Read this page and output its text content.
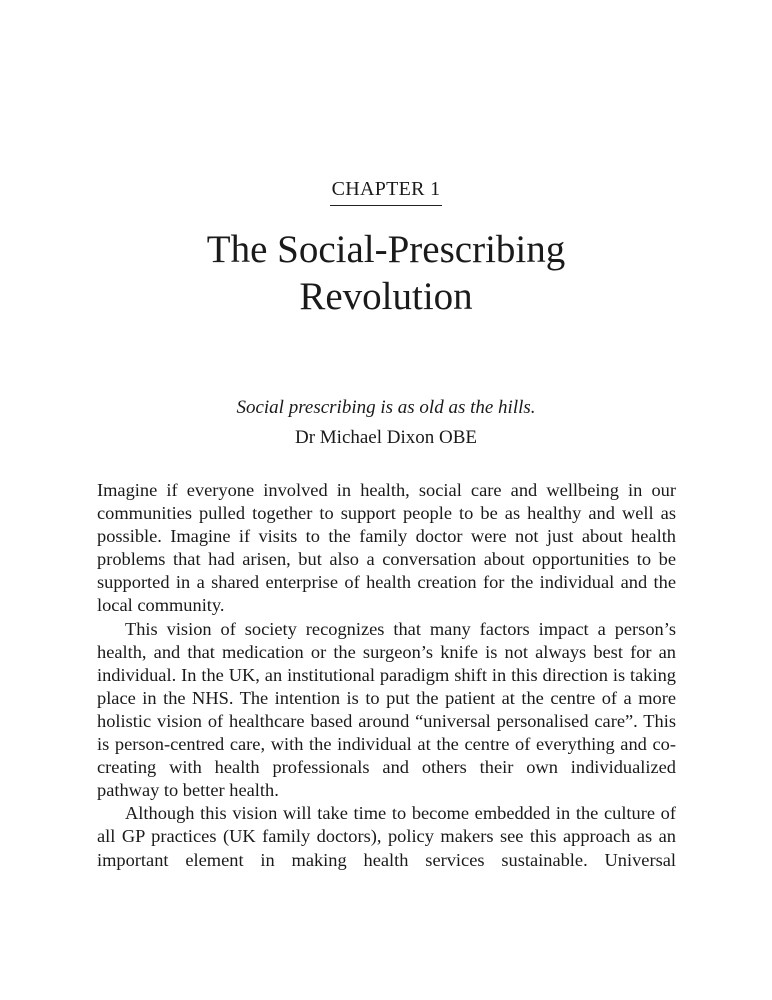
CHAPTER 1
The Social-Prescribing
Revolution
Social prescribing is as old as the hills.
Dr Michael Dixon OBE

Imagine if everyone involved in health, social care and wellbeing in our communities pulled together to support people to be as healthy and well as possible. Imagine if visits to the family doctor were not just about health problems that had arisen, but also a conversation about opportunities to be supported in a shared enterprise of health creation for the individual and the local community.

This vision of society recognizes that many factors impact a person’s health, and that medication or the surgeon’s knife is not always best for an individual. In the UK, an institutional paradigm shift in this direction is taking place in the NHS. The intention is to put the patient at the centre of a more holistic vision of healthcare based around “universal personalised care”. This is person-centred care, with the individual at the centre of everything and co-creating with health professionals and others their own individualized pathway to better health.

Although this vision will take time to become embedded in the culture of all GP practices (UK family doctors), policy makers see this approach as an important element in making health services sustainable. Universal
